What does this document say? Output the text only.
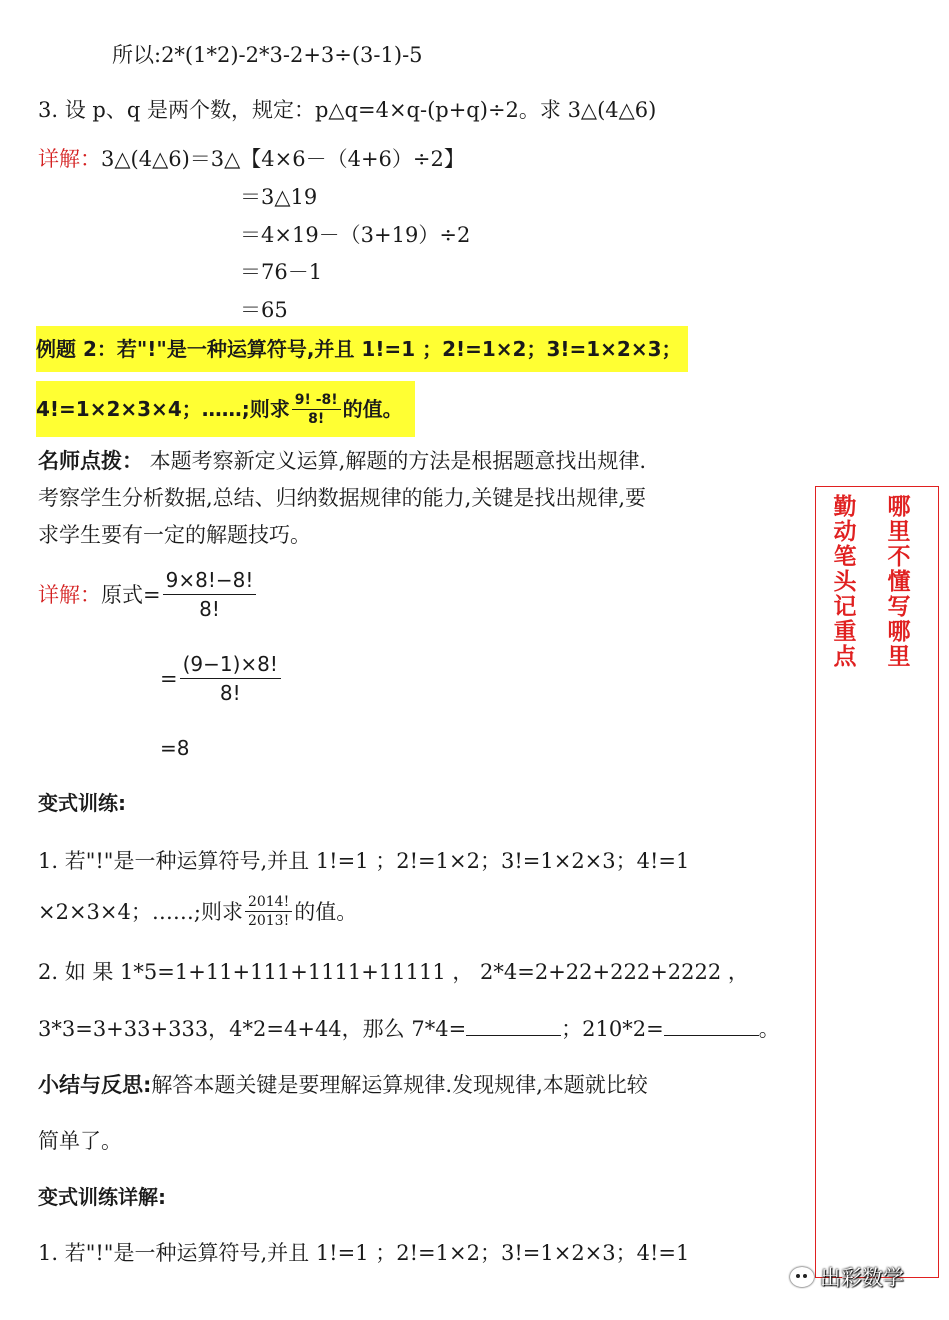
所以:2*(1*2)-2*3-2+3÷(3-1)-5
3. 设 p、q 是两个数，规定：p△q=4×q-(p+q)÷2。求 3△(4△6)
详解：3△(4△6)＝3△【4×6－（4+6）÷2】
＝3△19
＝4×19－（3+19）÷2
＝76－1
＝65
例题 2：若"!"是一种运算符号,并且 1!=1 ；2!=1×2；3!=1×2×3；
4!=1×2×3×4；……;则求 $\frac{9! -8!}{8!}$ 的值。
名师点拨： 本题考察新定义运算,解题的方法是根据题意找出规律.
考察学生分析数据,总结、归纳数据规律的能力,关键是找出规律,要
求学生要有一定的解题技巧。
详解： 原式= $\frac{9\times 8!-8!}{8!}$
= $\frac{(9-1)\times 8!}{8!}$
=8
变式训练:
1. 若"!"是一种运算符号,并且 1!=1 ；2!=1×2；3!=1×2×3；4!=1
×2×3×4；……;则求 $\frac{2014!}{2013!}$ 的值。
2. 如 果 1*5=1+11+111+1111+11111 ， 2*4=2+22+222+2222 ，
3*3=3+33+333，4*2=4+44，那么 7*4=	；210*2=	。
小结与反思:解答本题关键是要理解运算规律.发现规律,本题就比较
简单了。
变式训练详解:
1. 若"!"是一种运算符号,并且 1!=1 ；2!=1×2；3!=1×2×3；4!=1
哪里不懂写哪里
勤动笔头记重点
出彩数学
